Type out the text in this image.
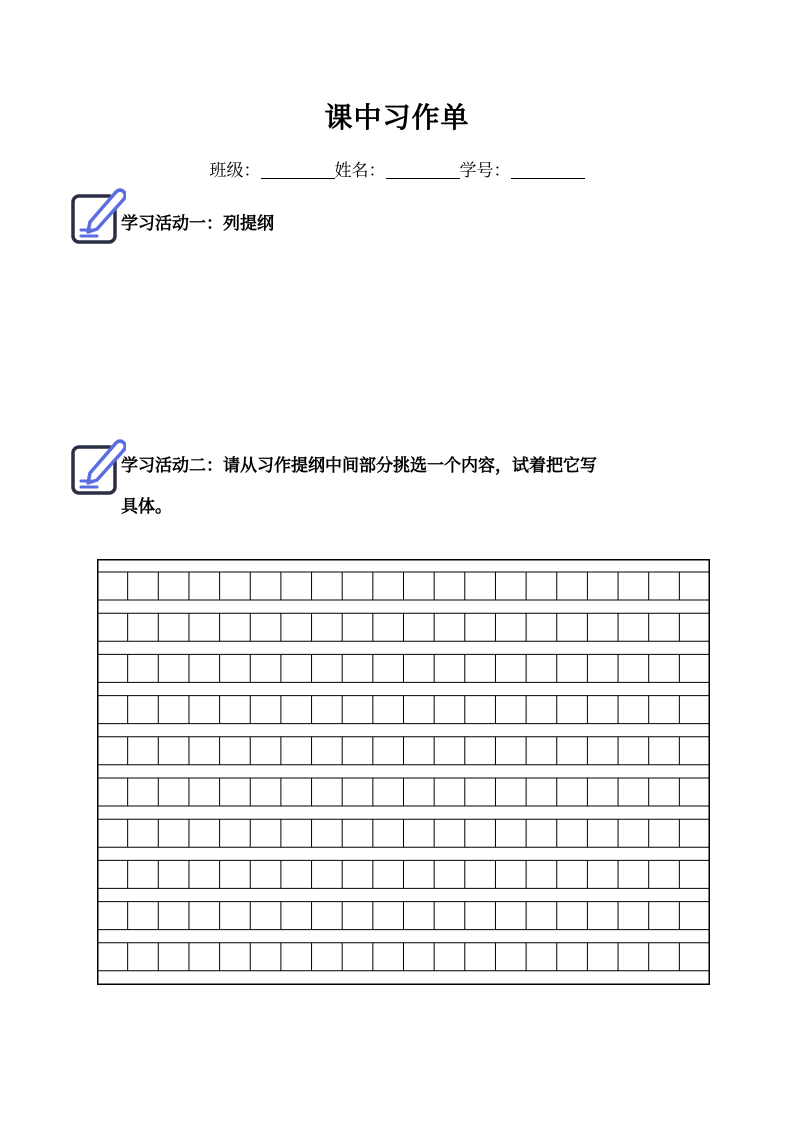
课中习作单
班级：	姓名：	学号：
学习活动一：列提纲
学习活动二：请从习作提纲中间部分挑选一个内容，试着把它写
具体。
